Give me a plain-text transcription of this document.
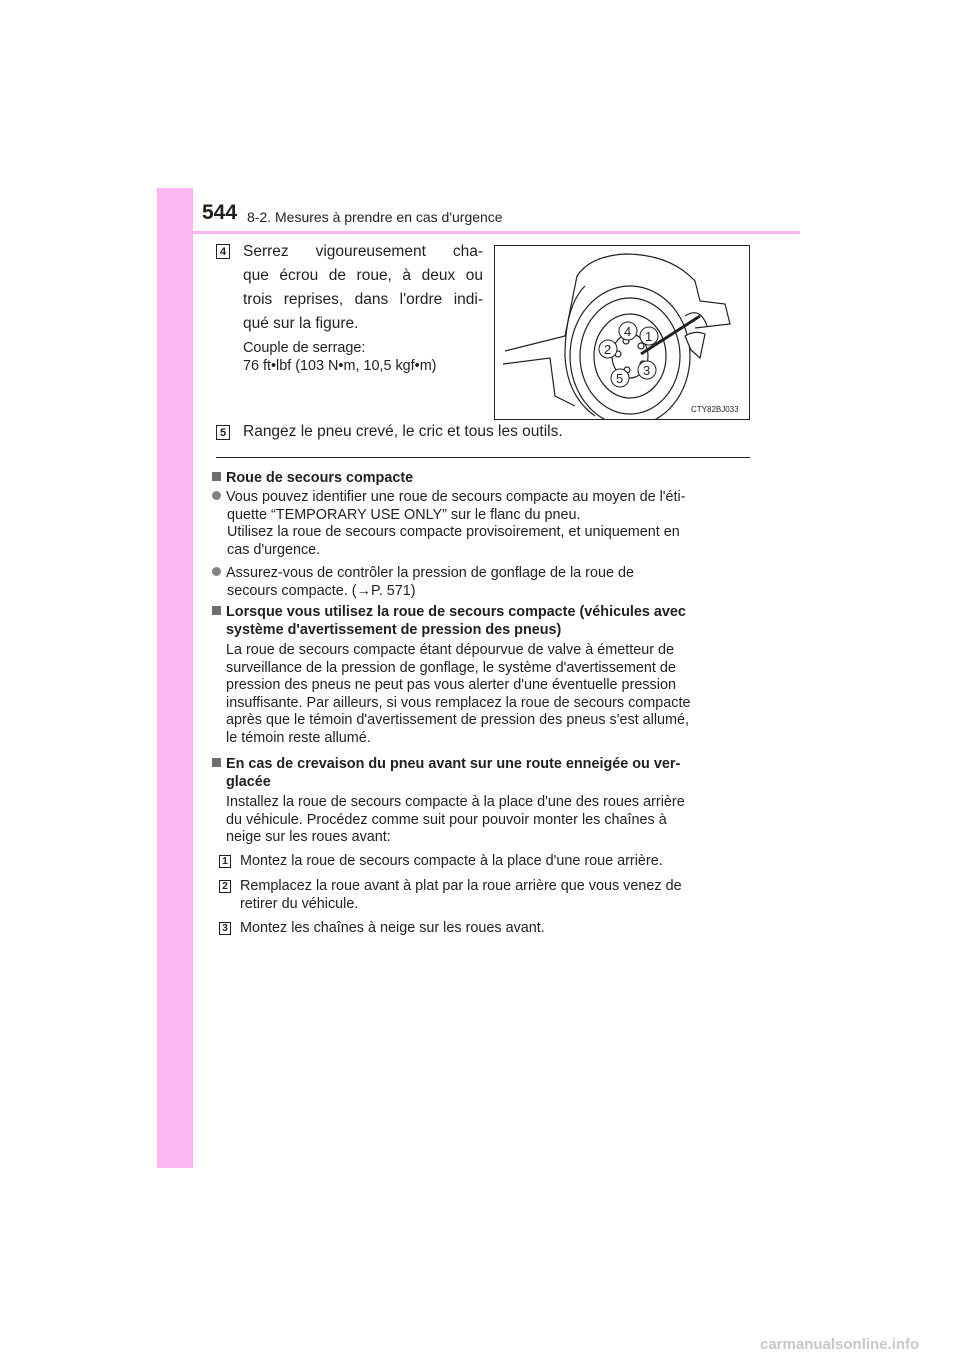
544 8-2. Mesures à prendre en cas d'urgence
4 Serrez vigoureusement cha-
que écrou de roue, à deux ou
trois reprises, dans l'ordre indi-
qué sur la figure.
Couple de serrage:
76 ft•lbf (103 N•m, 10,5 kgf•m)
4 1
2
3
5
CTY82BJ033
5 Rangez le pneu crevé, le cric et tous les outils.
Roue de secours compacte
Vous pouvez identifier une roue de secours compacte au moyen de l'éti-
quette “TEMPORARY USE ONLY” sur le flanc du pneu.
Utilisez la roue de secours compacte provisoirement, et uniquement en
cas d'urgence.
Assurez-vous de contrôler la pression de gonflage de la roue de
secours compacte. (→P. 571)
Lorsque vous utilisez la roue de secours compacte (véhicules avec
système d'avertissement de pression des pneus)
La roue de secours compacte étant dépourvue de valve à émetteur de
surveillance de la pression de gonflage, le système d'avertissement de
pression des pneus ne peut pas vous alerter d'une éventuelle pression
insuffisante. Par ailleurs, si vous remplacez la roue de secours compacte
après que le témoin d'avertissement de pression des pneus s'est allumé,
le témoin reste allumé.
En cas de crevaison du pneu avant sur une route enneigée ou ver-
glacée
Installez la roue de secours compacte à la place d'une des roues arrière
du véhicule. Procédez comme suit pour pouvoir monter les chaînes à
neige sur les roues avant:
1 Montez la roue de secours compacte à la place d'une roue arrière.
2 Remplacez la roue avant à plat par la roue arrière que vous venez de
retirer du véhicule.
3 Montez les chaînes à neige sur les roues avant.
carmanualsonline.info
